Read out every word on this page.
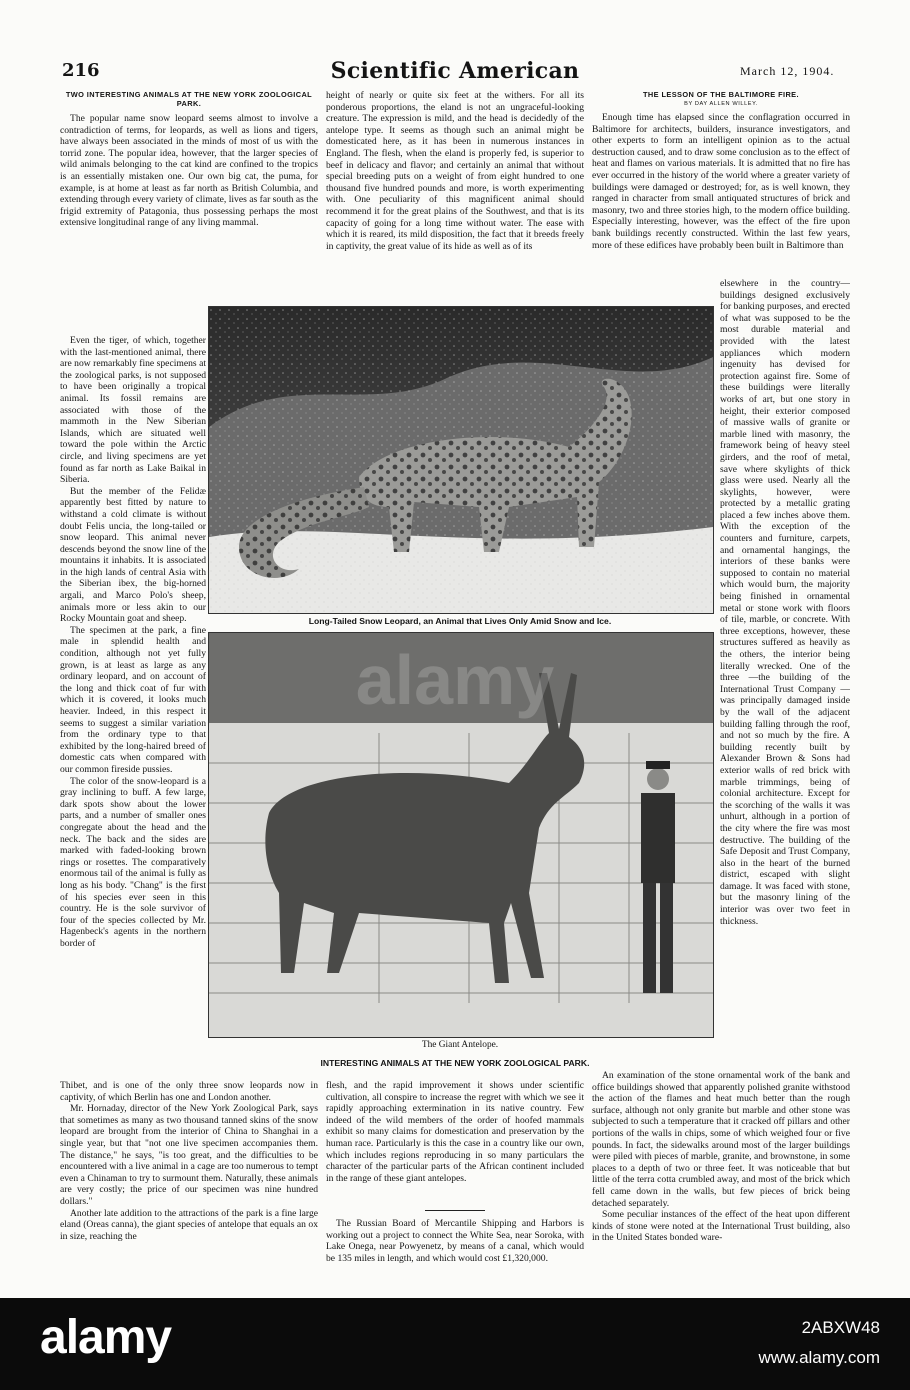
216	Scientific American	March 12, 1904.
TWO INTERESTING ANIMALS AT THE NEW YORK ZOOLOGICAL PARK.

The popular name snow leopard seems almost to involve a contradiction of terms, for leopards, as well as lions and tigers, have always been associated in the minds of most of us with the torrid zone. The popular idea, however, that the larger species of wild animals belonging to the cat kind are confined to the tropics is an essentially mistaken one. Our own big cat, the puma, for example, is at home at least as far north as British Columbia, and extending through every variety of climate, lives as far south as the frigid extremity of Patagonia, thus possessing perhaps the most extensive longitudinal range of any living mammal.

Even the tiger, of which, together with the last-mentioned animal, there are now remarkably fine specimens at the zoological parks, is not supposed to have been originally a tropical animal. Its fossil remains are associated with those of the mammoth in the New Siberian Islands, which are situated well toward the pole within the Arctic circle, and living specimens are yet found as far north as Lake Baikal in Siberia.

But the member of the Felidæ apparently best fitted by nature to withstand a cold climate is without doubt Felis uncia, the long-tailed or snow leopard. This animal never descends beyond the snow line of the mountains it inhabits. It is associated in the high lands of central Asia with the Siberian ibex, the big-horned argali, and Marco Polo's sheep, animals more or less akin to our Rocky Mountain goat and sheep.

The specimen at the park, a fine male in splendid health and condition, although not yet fully grown, is at least as large as any ordinary leopard, and on account of the long and thick coat of fur with which it is covered, it looks much heavier. Indeed, in this respect it seems to suggest a similar variation from the ordinary type to that exhibited by the long-haired breed of domestic cats when compared with our common fireside pussies.

The color of the snow-leopard is a gray inclining to buff. A few large, dark spots show about the lower parts, and a number of smaller ones congregate about the head and the neck. The back and the sides are marked with faded-looking brown rings or rosettes. The comparatively enormous tail of the animal is fully as long as his body. "Chang" is the first of his species ever seen in this country. He is the sole survivor of four of the species collected by Mr. Hagenbeck's agents in the northern border of

Thibet, and is one of the only three snow leopards now in captivity, of which Berlin has one and London another.

Mr. Hornaday, director of the New York Zoological Park, says that sometimes as many as two thousand tanned skins of the snow leopard are brought from the interior of China to Shanghai in a single year, but that "not one live specimen accompanies them. The distance," he says, "is too great, and the difficulties to be encountered with a live animal in a cage are too numerous to tempt even a Chinaman to try to surmount them. Naturally, these animals are very costly; the price of our specimen was nine hundred dollars."

Another late addition to the attractions of the park is a fine large eland (Oreas canna), the giant species of antelope that equals an ox in size, reaching the

height of nearly or quite six feet at the withers. For all its ponderous proportions, the eland is not an ungraceful-looking creature. The expression is mild, and the head is decidedly of the antelope type. It seems as though such an animal might be domesticated here, as it has been in numerous instances in England. The flesh, when the eland is properly fed, is superior to beef in delicacy and flavor; and certainly an animal that without special breeding puts on a weight of from eight hundred to one thousand five hundred pounds and more, is worth experimenting with. One peculiarity of this magnificent animal should recommend it for the great plains of the Southwest, and that is its capacity of going for a long time without water. The ease with which it is reared, its mild disposition, the fact that it breeds freely in captivity, the great value of its hide as well as of its

THE LESSON OF THE BALTIMORE FIRE.
BY DAY ALLEN WILLEY.

Enough time has elapsed since the conflagration occurred in Baltimore for architects, builders, insurance investigators, and other experts to form an intelligent opinion as to the actual destruction caused, and to draw some conclusion as to the effect of heat and flames on various materials. It is admitted that no fire has ever occurred in the history of the world where a greater variety of buildings were damaged or destroyed; for, as is well known, they ranged in character from small antiquated structures of brick and masonry, two and three stories high, to the modern office building. Especially interesting, however, was the effect of the fire upon bank buildings recently constructed. Within the last few years, more of these edifices have probably been built in Baltimore than

elsewhere in the country—buildings designed exclusively for banking purposes, and erected of what was supposed to be the most durable material and provided with the latest appliances which modern ingenuity has devised for protection against fire. Some of these buildings were literally works of art, but one story in height, their exterior composed of massive walls of granite or marble lined with masonry, the framework being of heavy steel girders, and the roof of metal, save where skylights of thick glass were used. Nearly all the skylights, however, were protected by a metallic grating placed a few inches above them. With the exception of the counters and furniture, carpets, and ornamental hangings, the interiors of these banks were supposed to contain no material which would burn, the majority being finished in ornamental metal or stone work with floors of tile, marble, or concrete. With three exceptions, however, these structures suffered as heavily as the others, the interior being literally wrecked. One of the three —the building of the International Trust Company —was principally damaged inside by the wall of the adjacent building falling through the roof, and not so much by the fire. A building recently built by Alexander Brown & Sons had exterior walls of red brick with marble trimmings, being of colonial architecture. Except for the scorching of the walls it was unhurt, although in a portion of the city where the fire was most destructive. The building of the Safe Deposit and Trust Company, also in the heart of the burned district, escaped with slight damage. It was faced with stone, but the masonry lining of the interior was over two feet in thickness.

Long-Tailed Snow Leopard, an Animal that Lives Only Amid Snow and Ice.
The Giant Antelope.
INTERESTING ANIMALS AT THE NEW YORK ZOOLOGICAL PARK.

flesh, and the rapid improvement it shows under scientific cultivation, all conspire to increase the regret with which we see it rapidly approaching extermination in its native country. Few indeed of the wild members of the order of hoofed mammals exhibit so many claims for domestication and preservation by the human race. Particularly is this the case in a country like our own, which includes regions reproducing in so many particulars the character of the particular parts of the African continent included in the range of these giant antelopes.

The Russian Board of Mercantile Shipping and Harbors is working out a project to connect the White Sea, near Soroka, with Lake Onega, near Powyenetz, by means of a canal, which would be 135 miles in length, and which would cost £1,320,000.

An examination of the stone ornamental work of the bank and office buildings showed that apparently polished granite withstood the action of the flames and heat much better than the rough surface, although not only granite but marble and other stone was subjected to such a temperature that it cracked off pillars and other portions of the walls in chips, some of which weighed four or five pounds. In fact, the sidewalks around most of the larger buildings were piled with pieces of marble, granite, and brownstone, in some places to a depth of two or three feet. It was noticeable that but little of the terra cotta crumbled away, and most of the brick which fell came down in the walls, but few pieces of brick being detached separately.

Some peculiar instances of the effect of the heat upon different kinds of stone were noted at the International Trust building, also in the United States bonded ware-

alamy	2ABXW48
www.alamy.com
